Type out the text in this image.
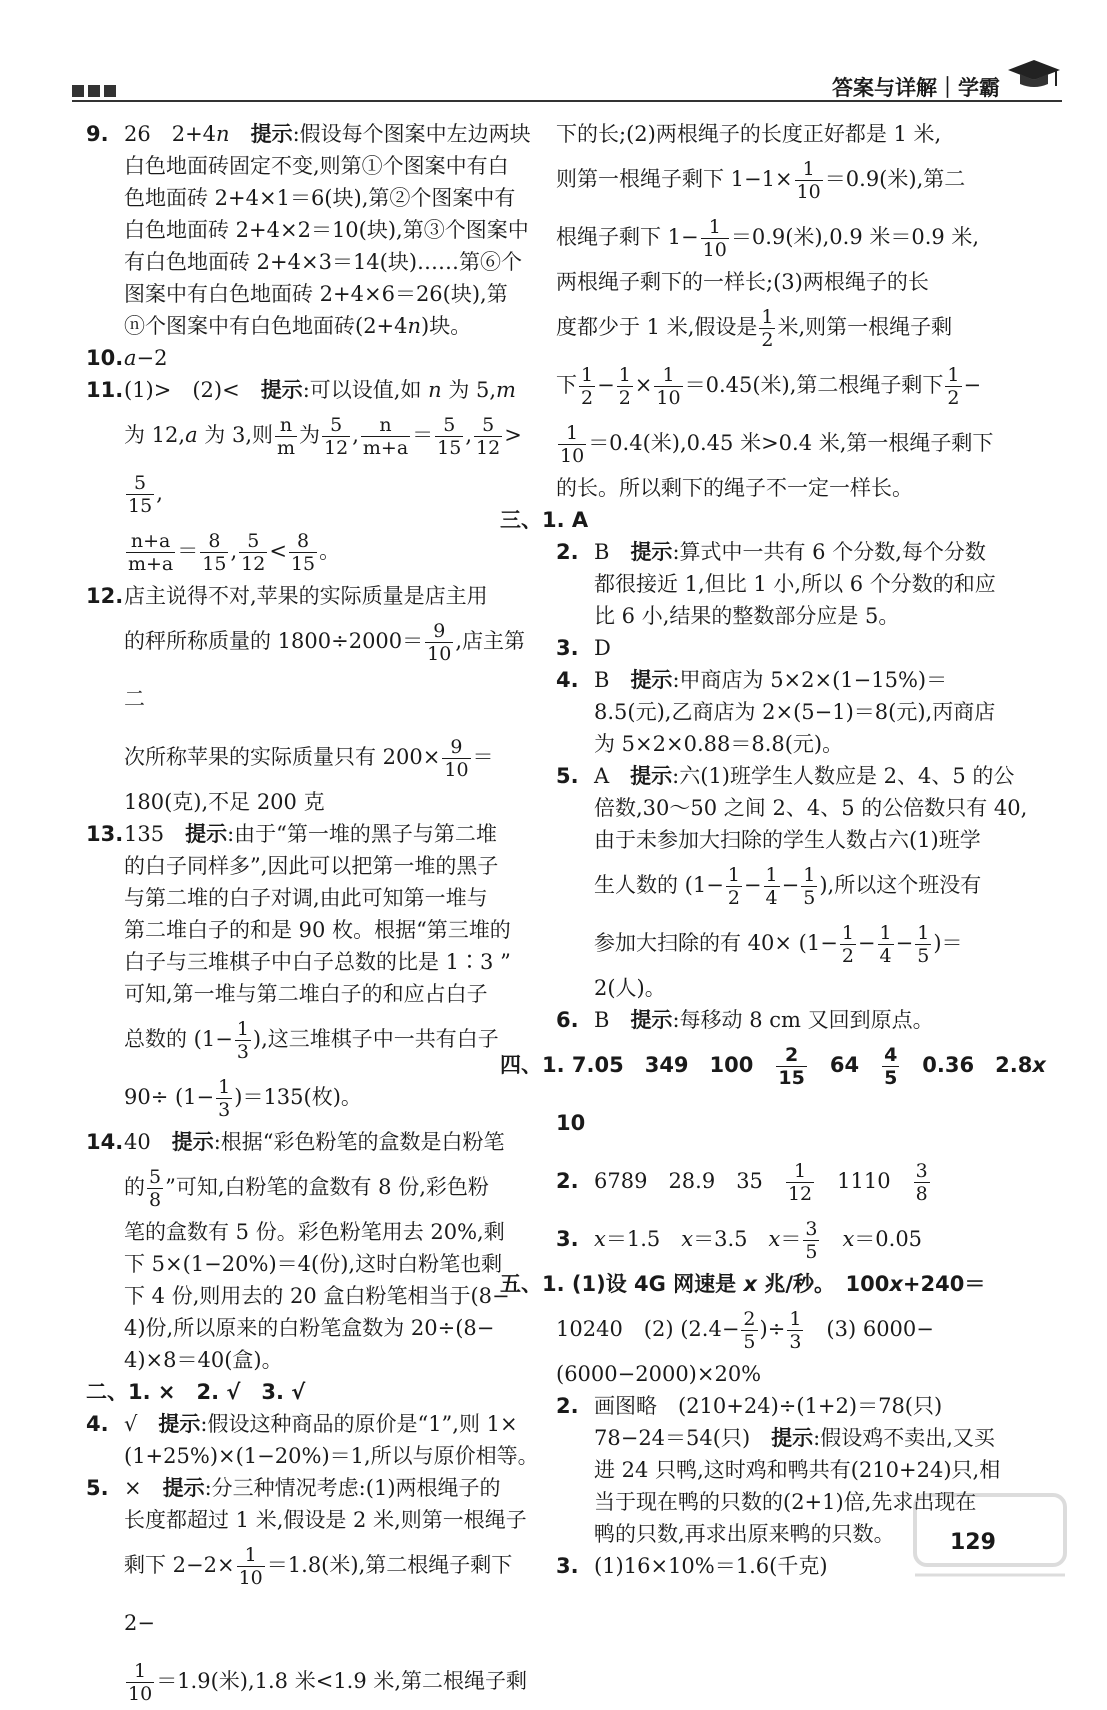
答案与详解｜学霸
9. 26　2+4n　 提示:假设每个图案中左边两块
白色地面砖固定不变,则第①个图案中有白
色地面砖 2+4×1＝6(块),第②个图案中有
白色地面砖 2+4×2＝10(块),第③个图案中
有白色地面砖 2+4×3＝14(块)……第⑥个
图案中有白色地面砖 2+4×6＝26(块),第
ⓝ个图案中有白色地面砖(2+4n)块。
10.a−2
11.(1)>　(2)<　提示:可以设值,如 n 为 5,m
为 12,a 为 3,则 $\frac{n}{m}$ 为 $\frac{5}{12}$ , $\frac{n}{m+a} = \frac{5}{15}$ , $\frac{5}{12}$ >
$\frac{5}{15}$ ,
$\frac{n+a}{m+a} = \frac{8}{15}$ , $\frac{5}{12} < \frac{8}{15}$ 。
12.店主说得不对,苹果的实际质量是店主用
的秤所称质量的 $1800\div 2000= \frac{9}{10}$ ,店主第二
次所称苹果的实际质量只有 $200\times \frac{9}{10}$ ＝
180(克),不足 200 克
13.135　提示:由于“第一堆的黑子与第二堆
的白子同样多”,因此可以把第一堆的黑子
与第二堆的白子对调,由此可知第一堆与
第二堆白子的和是 90 枚。根据“第三堆的
白子与三堆棋子中白子总数的比是 1∶3 ”
可知,第一堆与第二堆白子的和应占白子
总数的 ($1- \frac{1}{3}$ ),这三堆棋子中一共有白子
$90\div (1- \frac{1}{3} )=135$(枚)。
14.40　提示:根据“彩色粉笔的盒数是白粉笔
的 $\frac{5}{8}$ ”可知,白粉笔的盒数有 8 份,彩色粉
笔的盒数有 5 份。彩色粉笔用去 20%,剩
下 5×(1−20%)＝4(份),这时白粉笔也剩
下 4 份,则用去的 20 盒白粉笔相当于(8−
4)份,所以原来的白粉笔盒数为 20÷(8−
4)×8＝40(盒)。
二、1. ×　2. √　3. √
4. √　提示:假设这种商品的原价是“1”,则 1×
(1+25%)×(1−20%)＝1,所以与原价相等。
5. ×　提示:分三种情况考虑:(1)两根绳子的
长度都超过 1 米,假设是 2 米,则第一根绳子
剩下 $2-2\times \frac{1}{10} =1.8$(米),第二根绳子剩下 2−
$\frac{1}{10} =1.9$(米),1.8 米<1.9 米,第二根绳子剩
下的长;(2)两根绳子的长度正好都是 1 米,
则第一根绳子剩下 $1-1\times \frac{1}{10} =0.9$(米),第二
根绳子剩下 $1- \frac{1}{10} =0.9$(米),0.9 米＝0.9 米,
两根绳子剩下的一样长;(3)两根绳子的长
度都少于 1 米,假设是 $\frac{1}{2}$ 米,则第一根绳子剩
下 $\frac{1}{2} - \frac{1}{2} \times \frac{1}{10} =0.45$(米),第二根绳子剩下 $\frac{1}{2}$ −
$\frac{1}{10} =0.4$(米),0.45 米>0.4 米,第一根绳子剩下
的长。所以剩下的绳子不一定一样长。
三、1. A
2. B　提示:算式中一共有 6 个分数,每个分数
都很接近 1,但比 1 小,所以 6 个分数的和应
比 6 小,结果的整数部分应是 5。
3. D
4. B　提示:甲商店为 5×2×(1−15%)＝
8.5(元),乙商店为 2×(5−1)＝8(元),丙商店
为 5×2×0.88＝8.8(元)。
5. A　提示:六(1)班学生人数应是 2、4、5 的公
倍数,30～50 之间 2、4、5 的公倍数只有 40,
由于未参加大扫除的学生人数占六(1)班学
生人数的 ($1- \frac{1}{2} - \frac{1}{4} - \frac{1}{5}$ ),所以这个班没有
参加大扫除的有 $40\times (1- \frac{1}{2} - \frac{1}{4} - \frac{1}{5}$ )＝
2(人)。
6. B　提示:每移动 8 cm 又回到原点。
四、1. 7.05　349　100　 $\frac{2}{15}$ 　64　 $\frac{4}{5}$ 　0.36　2.8x　10
2. 6789　28.9　35　 $\frac{1}{12}$ 　1110　 $\frac{3}{8}$
3. x＝1.5　x＝3.5　$x= \frac{3}{5}$
　 x＝0.05
五、1. (1)设 4G 网速是 x 兆/秒。　100x+240＝
10240　(2) ($2.4- \frac{2}{5}$ )÷ $\frac{1}{3}$ 　(3) 6000−
(6000−2000)×20%
2. 画图略　(210+24)÷(1+2)＝78(只)
78−24＝54(只)　提示:假设鸡不卖出,又买
进 24 只鸭,这时鸡和鸭共有(210+24)只,相
当于现在鸭的只数的(2+1)倍,先求出现在
鸭的只数,再求出原来鸭的只数。
3. (1)16×10%＝1.6(千克)
129
